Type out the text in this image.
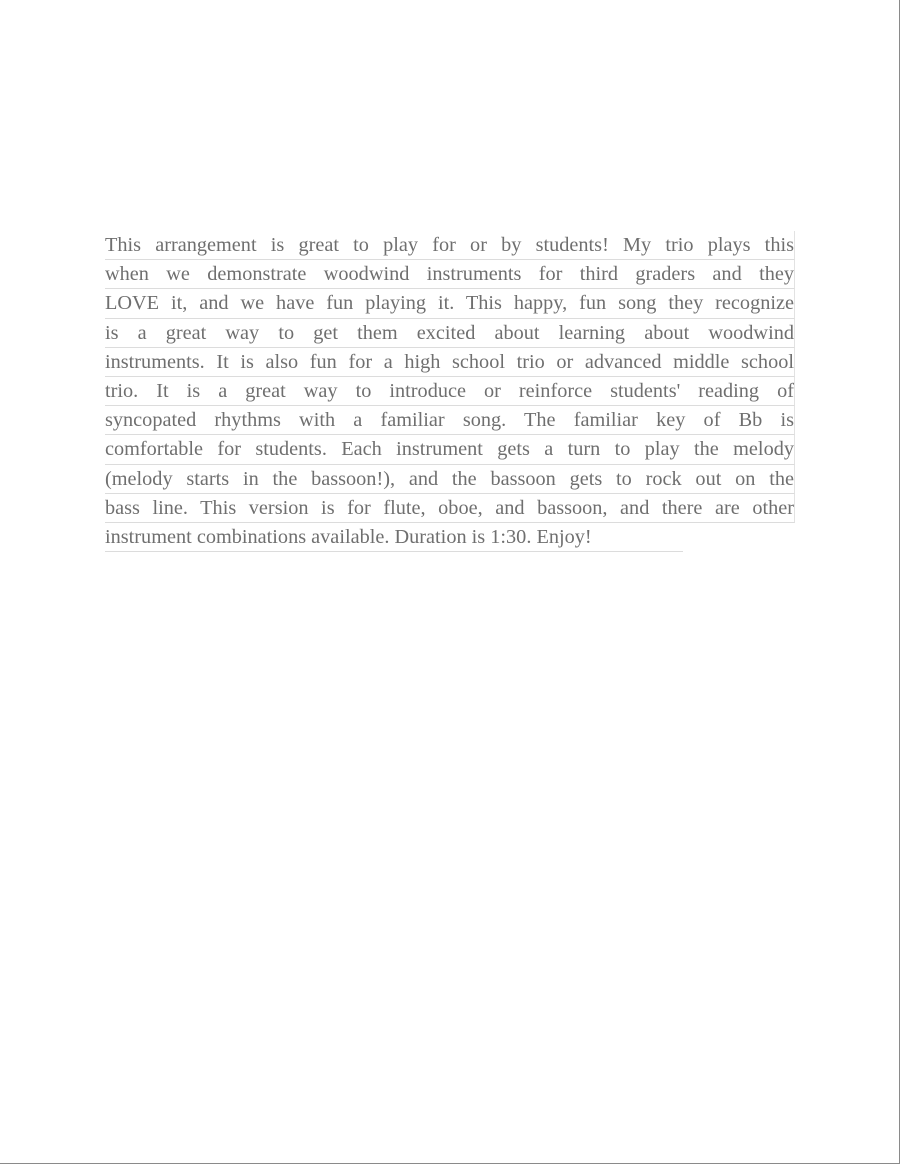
This arrangement is great to play for or by students! My trio plays this
when we demonstrate woodwind instruments for third graders and they
LOVE it, and we have fun playing it. This happy, fun song they recognize
is a great way to get them excited about learning about woodwind
instruments. It is also fun for a high school trio or advanced middle school
trio. It is a great way to introduce or reinforce students' reading of
syncopated rhythms with a familiar song. The familiar key of Bb is
comfortable for students. Each instrument gets a turn to play the melody
(melody starts in the bassoon!), and the bassoon gets to rock out on the
bass line. This version is for flute, oboe, and bassoon, and there are other
instrument combinations available. Duration is 1:30. Enjoy!
